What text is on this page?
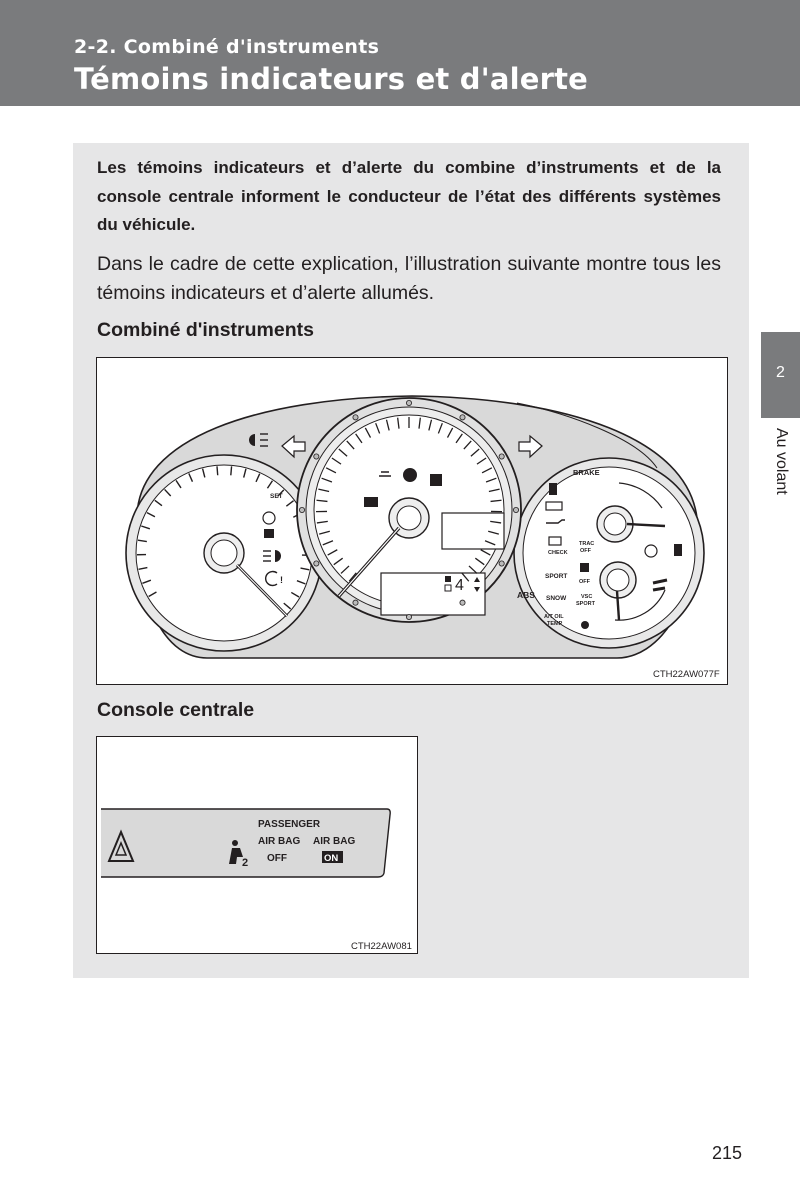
2-2. Combiné d'instruments
Témoins indicateurs et d'alerte
2
Au volant
Les témoins indicateurs et d’alerte du combine d’instruments et de la console centrale informent le conducteur de l’état des différents systèmes du véhicule.
Dans le cadre de cette explication, l’illustration suivante montre tous les témoins indicateurs et d’alerte allumés.
Combiné d'instruments
SET
!	4
BRAKE
CHECK
TRAC
OFF
SPORT
OFF
ABS SNOW	VSC
SPORT
A/T OIL
TEMP
CTH22AW077F
Console centrale
PASSENGER
AIR BAG AIR BAG
OFF	ON
2
CTH22AW081
215
